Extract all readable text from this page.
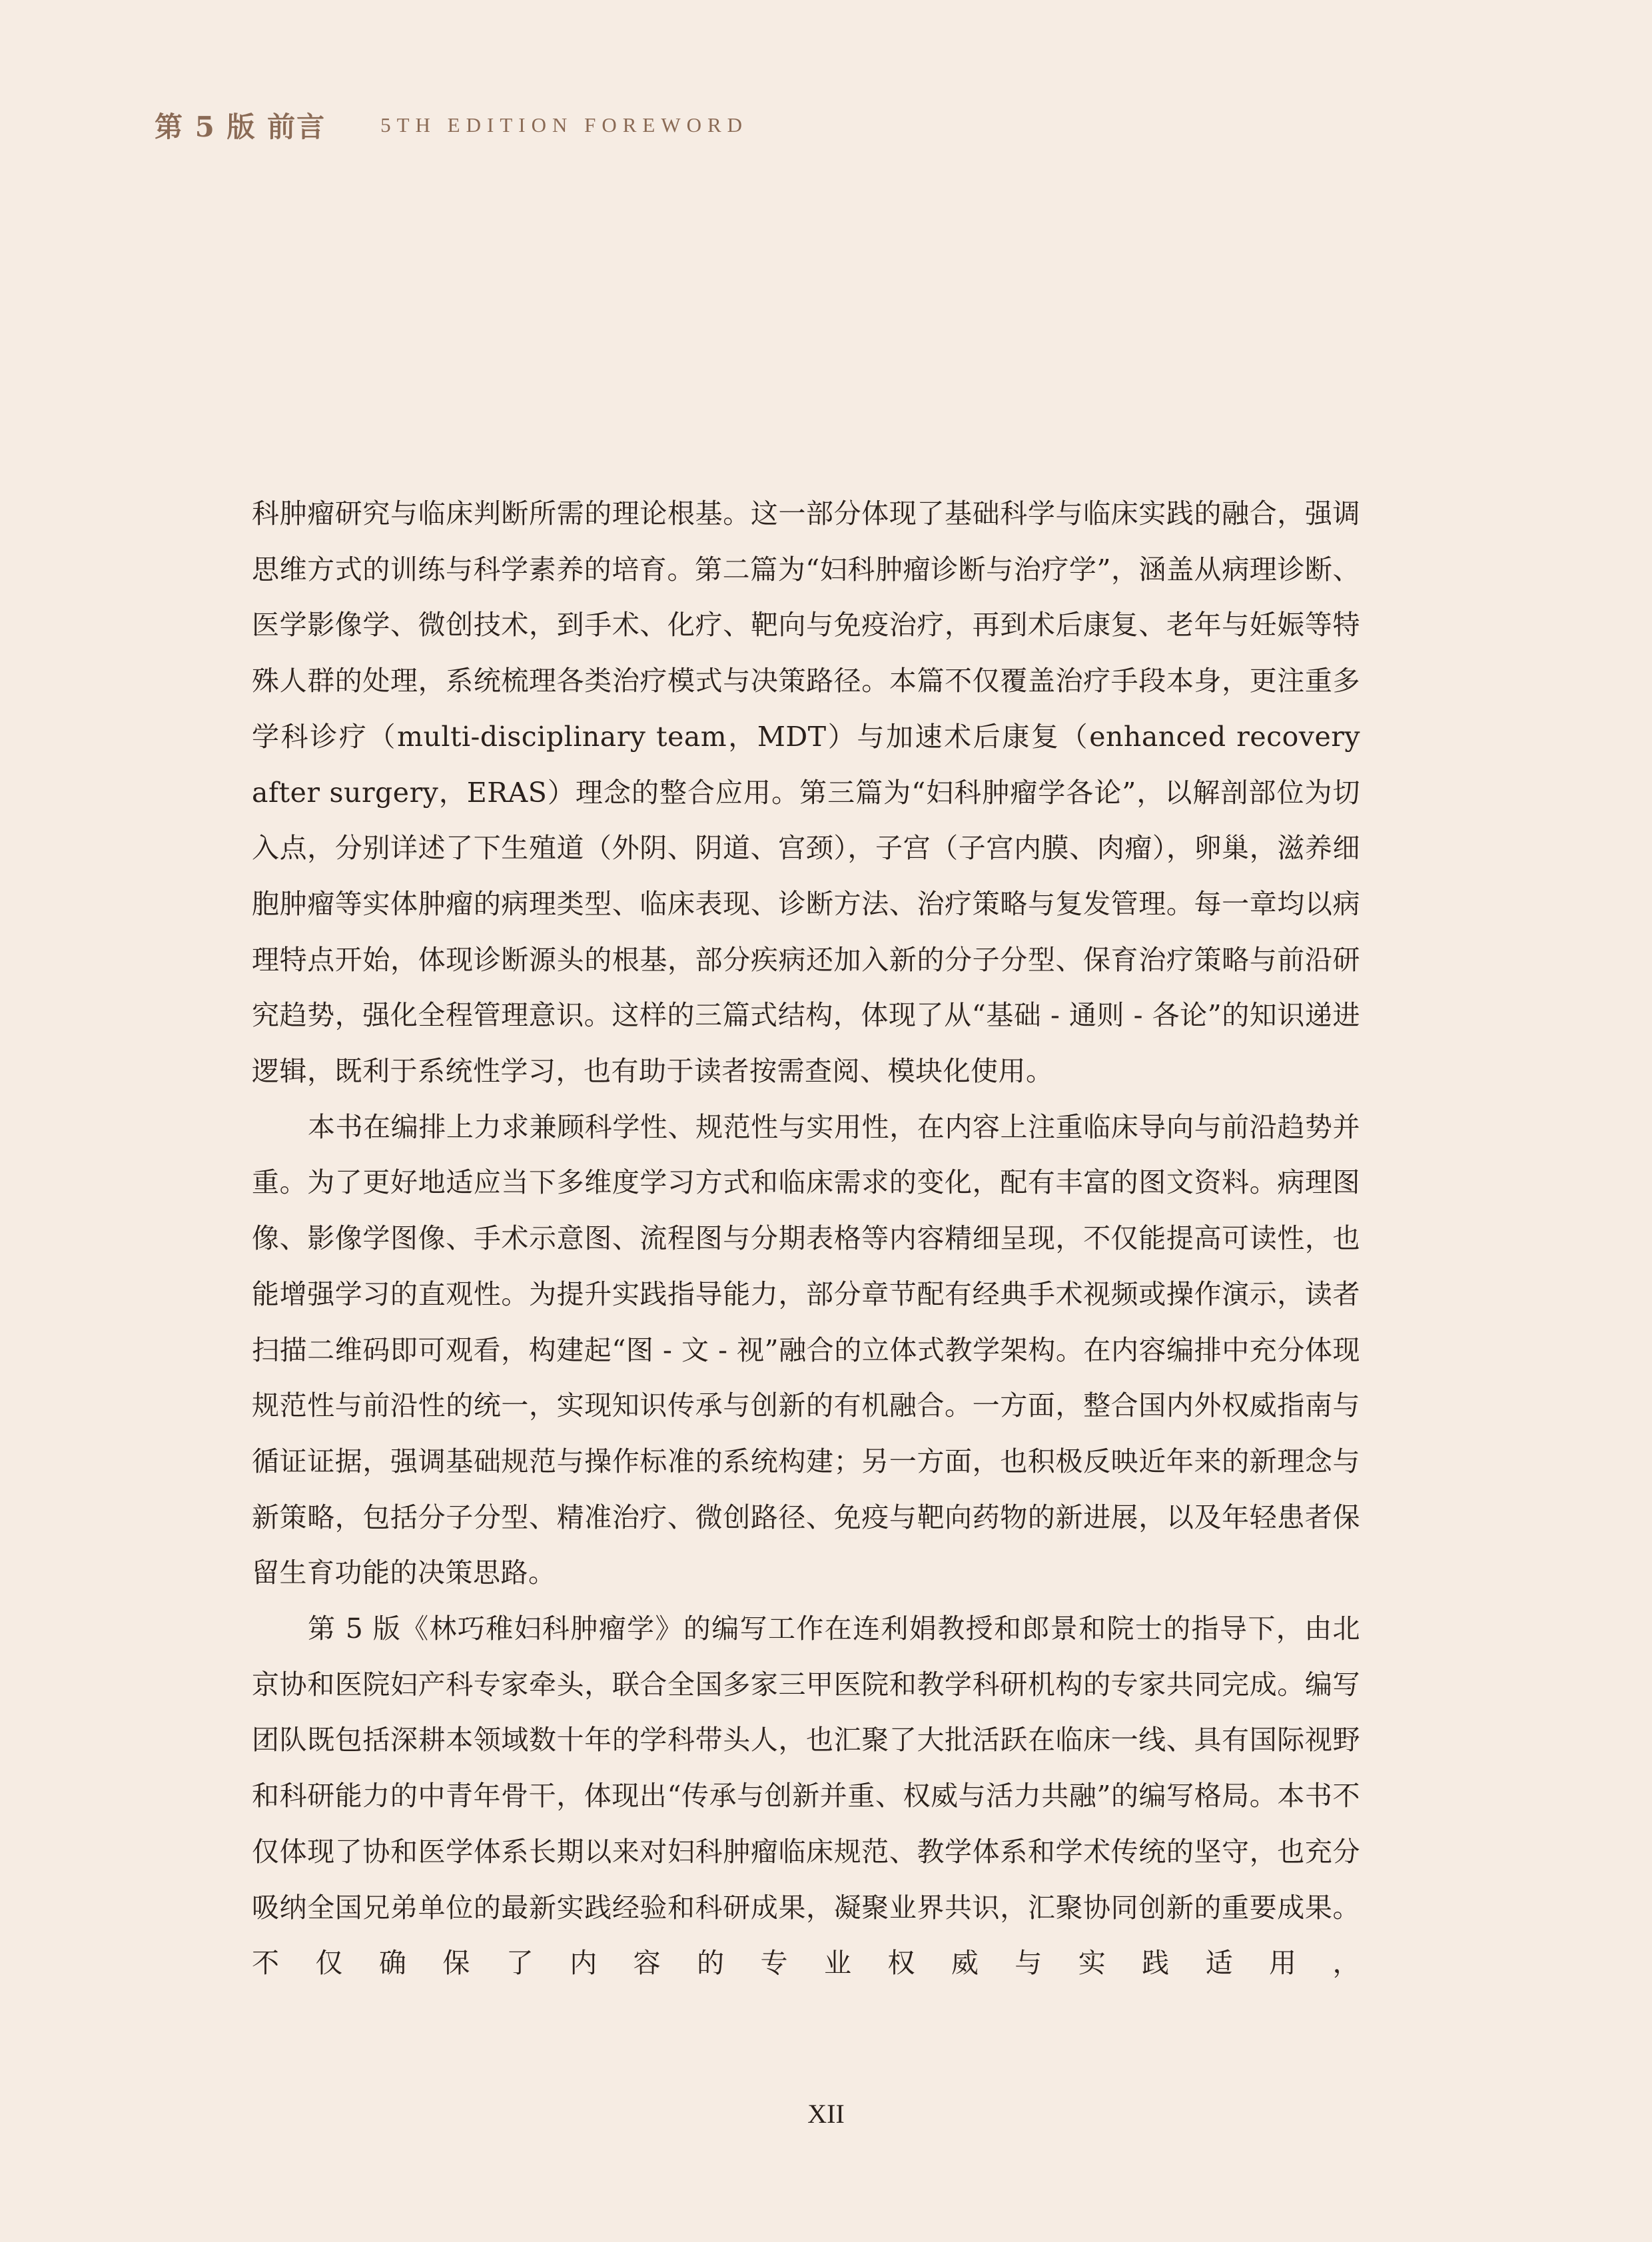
第 5 版 前言	5TH EDITION FOREWORD

科肿瘤研究与临床判断所需的理论根基。这一部分体现了基础科学与临床实践的融合，强调思维方式的训练与科学素养的培育。第二篇为“妇科肿瘤诊断与治疗学”，涵盖从病理诊断、医学影像学、微创技术，到手术、化疗、靶向与免疫治疗，再到术后康复、老年与妊娠等特殊人群的处理，系统梳理各类治疗模式与决策路径。本篇不仅覆盖治疗手段本身，更注重多学科诊疗（multi-disciplinary team，MDT）与加速术后康复（enhanced recovery after surgery，ERAS）理念的整合应用。第三篇为“妇科肿瘤学各论”，以解剖部位为切入点，分别详述了下生殖道（外阴、阴道、宫颈），子宫（子宫内膜、肉瘤），卵巢，滋养细胞肿瘤等实体肿瘤的病理类型、临床表现、诊断方法、治疗策略与复发管理。每一章均以病理特点开始，体现诊断源头的根基，部分疾病还加入新的分子分型、保育治疗策略与前沿研究趋势，强化全程管理意识。这样的三篇式结构，体现了从“基础 - 通则 - 各论”的知识递进逻辑，既利于系统性学习，也有助于读者按需查阅、模块化使用。

本书在编排上力求兼顾科学性、规范性与实用性，在内容上注重临床导向与前沿趋势并重。为了更好地适应当下多维度学习方式和临床需求的变化，配有丰富的图文资料。病理图像、影像学图像、手术示意图、流程图与分期表格等内容精细呈现，不仅能提高可读性，也能增强学习的直观性。为提升实践指导能力，部分章节配有经典手术视频或操作演示，读者扫描二维码即可观看，构建起“图 - 文 - 视”融合的立体式教学架构。在内容编排中充分体现规范性与前沿性的统一，实现知识传承与创新的有机融合。一方面，整合国内外权威指南与循证证据，强调基础规范与操作标准的系统构建；另一方面，也积极反映近年来的新理念与新策略，包括分子分型、精准治疗、微创路径、免疫与靶向药物的新进展，以及年轻患者保留生育功能的决策思路。

第 5 版《林巧稚妇科肿瘤学》的编写工作在连利娟教授和郎景和院士的指导下，由北京协和医院妇产科专家牵头，联合全国多家三甲医院和教学科研机构的专家共同完成。编写团队既包括深耕本领域数十年的学科带头人，也汇聚了大批活跃在临床一线、具有国际视野和科研能力的中青年骨干，体现出“传承与创新并重、权威与活力共融”的编写格局。本书不仅体现了协和医学体系长期以来对妇科肿瘤临床规范、教学体系和学术传统的坚守，也充分吸纳全国兄弟单位的最新实践经验和科研成果，凝聚业界共识，汇聚协同创新的重要成果。不仅确保了内容的专业权威与实践适用，

XII
